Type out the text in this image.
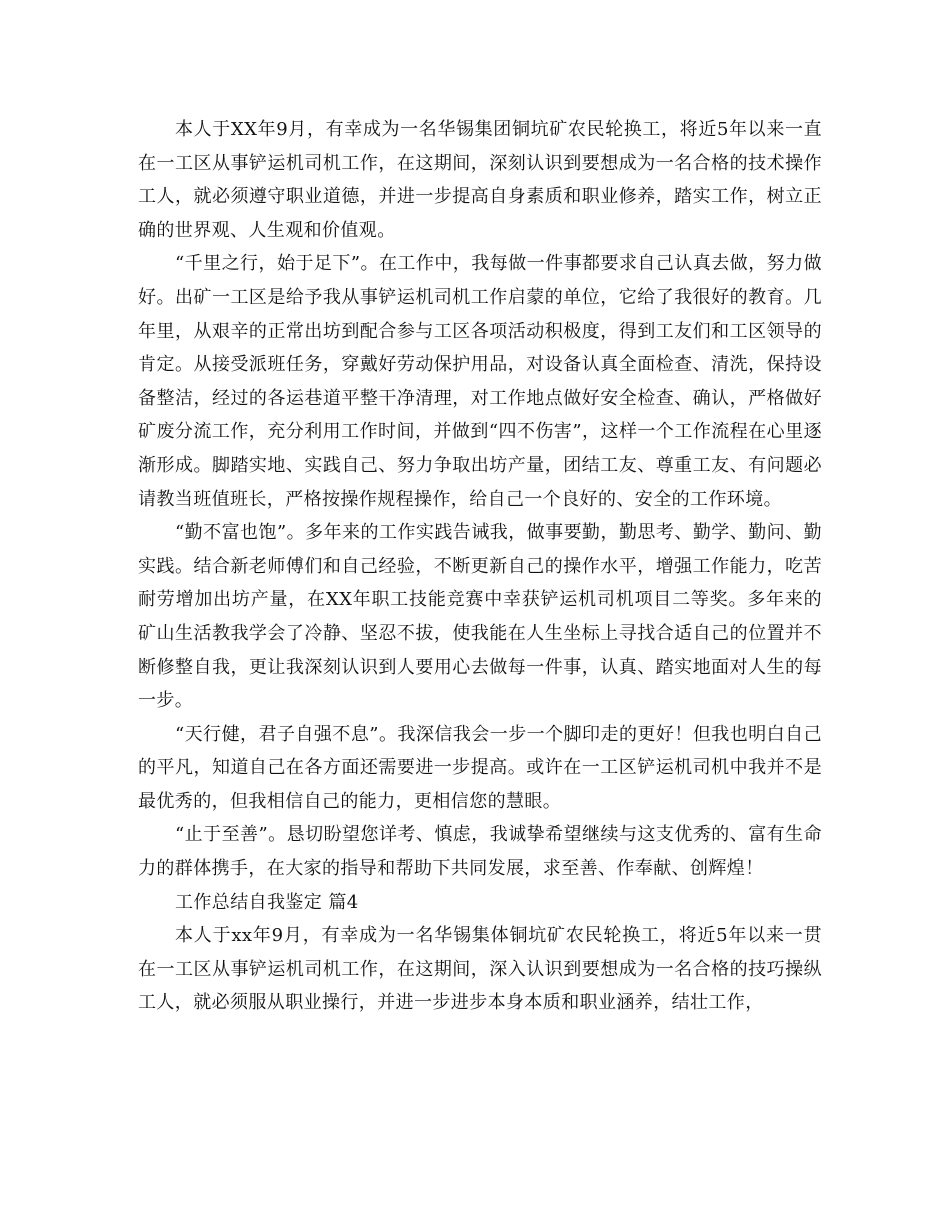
本人于XX年9月，有幸成为一名华锡集团铜坑矿农民轮换工，将近5年以来一直在一工区从事铲运机司机工作，在这期间，深刻认识到要想成为一名合格的技术操作工人，就必须遵守职业道德，并进一步提高自身素质和职业修养，踏实工作，树立正确的世界观、人生观和价值观。

“千里之行，始于足下”。在工作中，我每做一件事都要求自己认真去做，努力做好。出矿一工区是给予我从事铲运机司机工作启蒙的单位，它给了我很好的教育。几年里，从艰辛的正常出坊到配合参与工区各项活动积极度，得到工友们和工区领导的肯定。从接受派班任务，穿戴好劳动保护用品，对设备认真全面检查、清洗，保持设备整洁，经过的各运巷道平整干净清理，对工作地点做好安全检查、确认，严格做好矿废分流工作，充分利用工作时间，并做到“四不伤害”，这样一个工作流程在心里逐渐形成。脚踏实地、实践自己、努力争取出坊产量，团结工友、尊重工友、有问题必请教当班值班长，严格按操作规程操作，给自己一个良好的、安全的工作环境。

“勤不富也饱”。多年来的工作实践告诫我，做事要勤，勤思考、勤学、勤问、勤实践。结合新老师傅们和自己经验，不断更新自己的操作水平，增强工作能力，吃苦耐劳增加出坊产量，在XX年职工技能竞赛中幸获铲运机司机项目二等奖。多年来的矿山生活教我学会了冷静、坚忍不拔，使我能在人生坐标上寻找合适自己的位置并不断修整自我，更让我深刻认识到人要用心去做每一件事，认真、踏实地面对人生的每一步。

“天行健，君子自强不息”。我深信我会一步一个脚印走的更好！但我也明白自己的平凡，知道自己在各方面还需要进一步提高。或许在一工区铲运机司机中我并不是最优秀的，但我相信自己的能力，更相信您的慧眼。

“止于至善”。恳切盼望您详考、慎虑，我诚挚希望继续与这支优秀的、富有生命力的群体携手，在大家的指导和帮助下共同发展，求至善、作奉献、创辉煌！

工作总结自我鉴定 篇4

本人于xx年9月，有幸成为一名华锡集体铜坑矿农民轮换工，将近5年以来一贯在一工区从事铲运机司机工作，在这期间，深入认识到要想成为一名合格的技巧操纵工人，就必须服从职业操行，并进一步进步本身本质和职业涵养，结壮工作，
